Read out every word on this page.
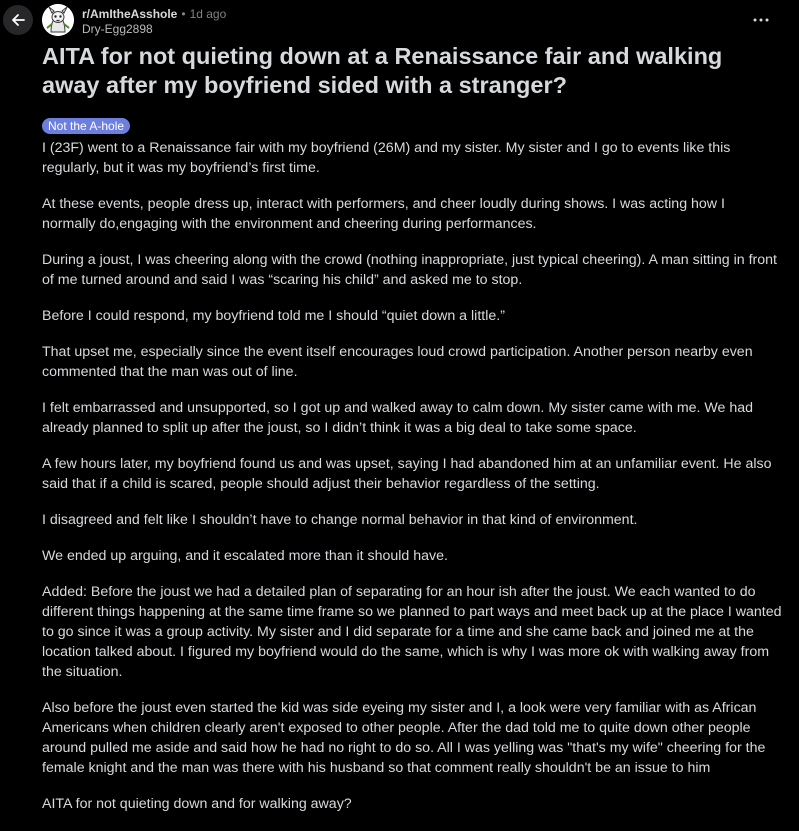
r/AmItheAsshole • 1d ago
Dry-Egg2898
AITA for not quieting down at a Renaissance fair and walking away after my boyfriend sided with a stranger?
Not the A-hole

I (23F) went to a Renaissance fair with my boyfriend (26M) and my sister. My sister and I go to events like this regularly, but it was my boyfriend’s first time.

At these events, people dress up, interact with performers, and cheer loudly during shows. I was acting how I normally do,engaging with the environment and cheering during performances.

During a joust, I was cheering along with the crowd (nothing inappropriate, just typical cheering). A man sitting in front of me turned around and said I was “scaring his child” and asked me to stop.

Before I could respond, my boyfriend told me I should “quiet down a little.”

That upset me, especially since the event itself encourages loud crowd participation. Another person nearby even commented that the man was out of line.

I felt embarrassed and unsupported, so I got up and walked away to calm down. My sister came with me. We had already planned to split up after the joust, so I didn’t think it was a big deal to take some space.

A few hours later, my boyfriend found us and was upset, saying I had abandoned him at an unfamiliar event. He also said that if a child is scared, people should adjust their behavior regardless of the setting.

I disagreed and felt like I shouldn’t have to change normal behavior in that kind of environment.

We ended up arguing, and it escalated more than it should have.

Added: Before the joust we had a detailed plan of separating for an hour ish after the joust. We each wanted to do different things happening at the same time frame so we planned to part ways and meet back up at the place I wanted to go since it was a group activity. My sister and I did separate for a time and she came back and joined me at the location talked about. I figured my boyfriend would do the same, which is why I was more ok with walking away from the situation.

Also before the joust even started the kid was side eyeing my sister and I, a look were very familiar with as African Americans when children clearly aren't exposed to other people. After the dad told me to quite down other people around pulled me aside and said how he had no right to do so. All I was yelling was "that's my wife" cheering for the female knight and the man was there with his husband so that comment really shouldn't be an issue to him

AITA for not quieting down and for walking away?
